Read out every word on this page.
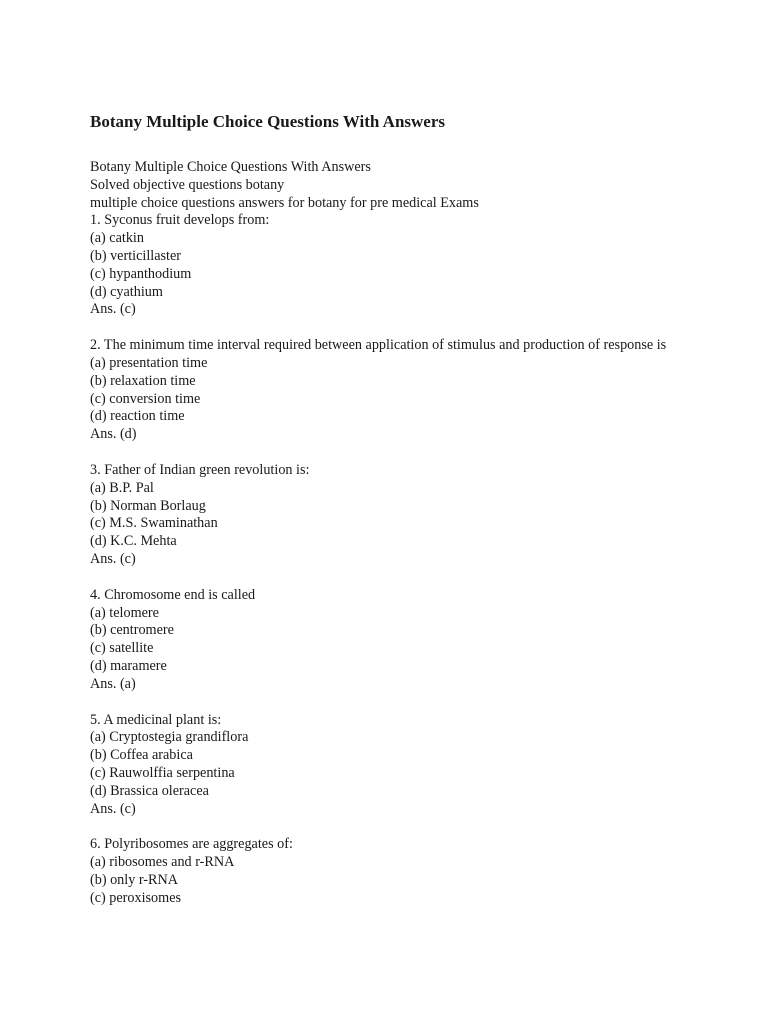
Botany Multiple Choice Questions With Answers
Botany Multiple Choice Questions With Answers
Solved objective questions botany
multiple choice questions answers for botany for pre medical Exams
1. Syconus fruit develops from:
(a) catkin
(b) verticillaster
(c) hypanthodium
(d) cyathium
Ans. (c)
2. The minimum time interval required between application of stimulus and production of response is
(a) presentation time
(b) relaxation time
(c) conversion time
(d) reaction time
Ans. (d)
3. Father of Indian green revolution is:
(a) B.P. Pal
(b) Norman Borlaug
(c) M.S. Swaminathan
(d) K.C. Mehta
Ans. (c)
4. Chromosome end is called
(a) telomere
(b) centromere
(c) satellite
(d) maramere
Ans. (a)
5. A medicinal plant is:
(a) Cryptostegia grandiflora
(b) Coffea arabica
(c) Rauwolffia serpentina
(d) Brassica oleracea
Ans. (c)
6. Polyribosomes are aggregates of:
(a) ribosomes and r-RNA
(b) only r-RNA
(c) peroxisomes
